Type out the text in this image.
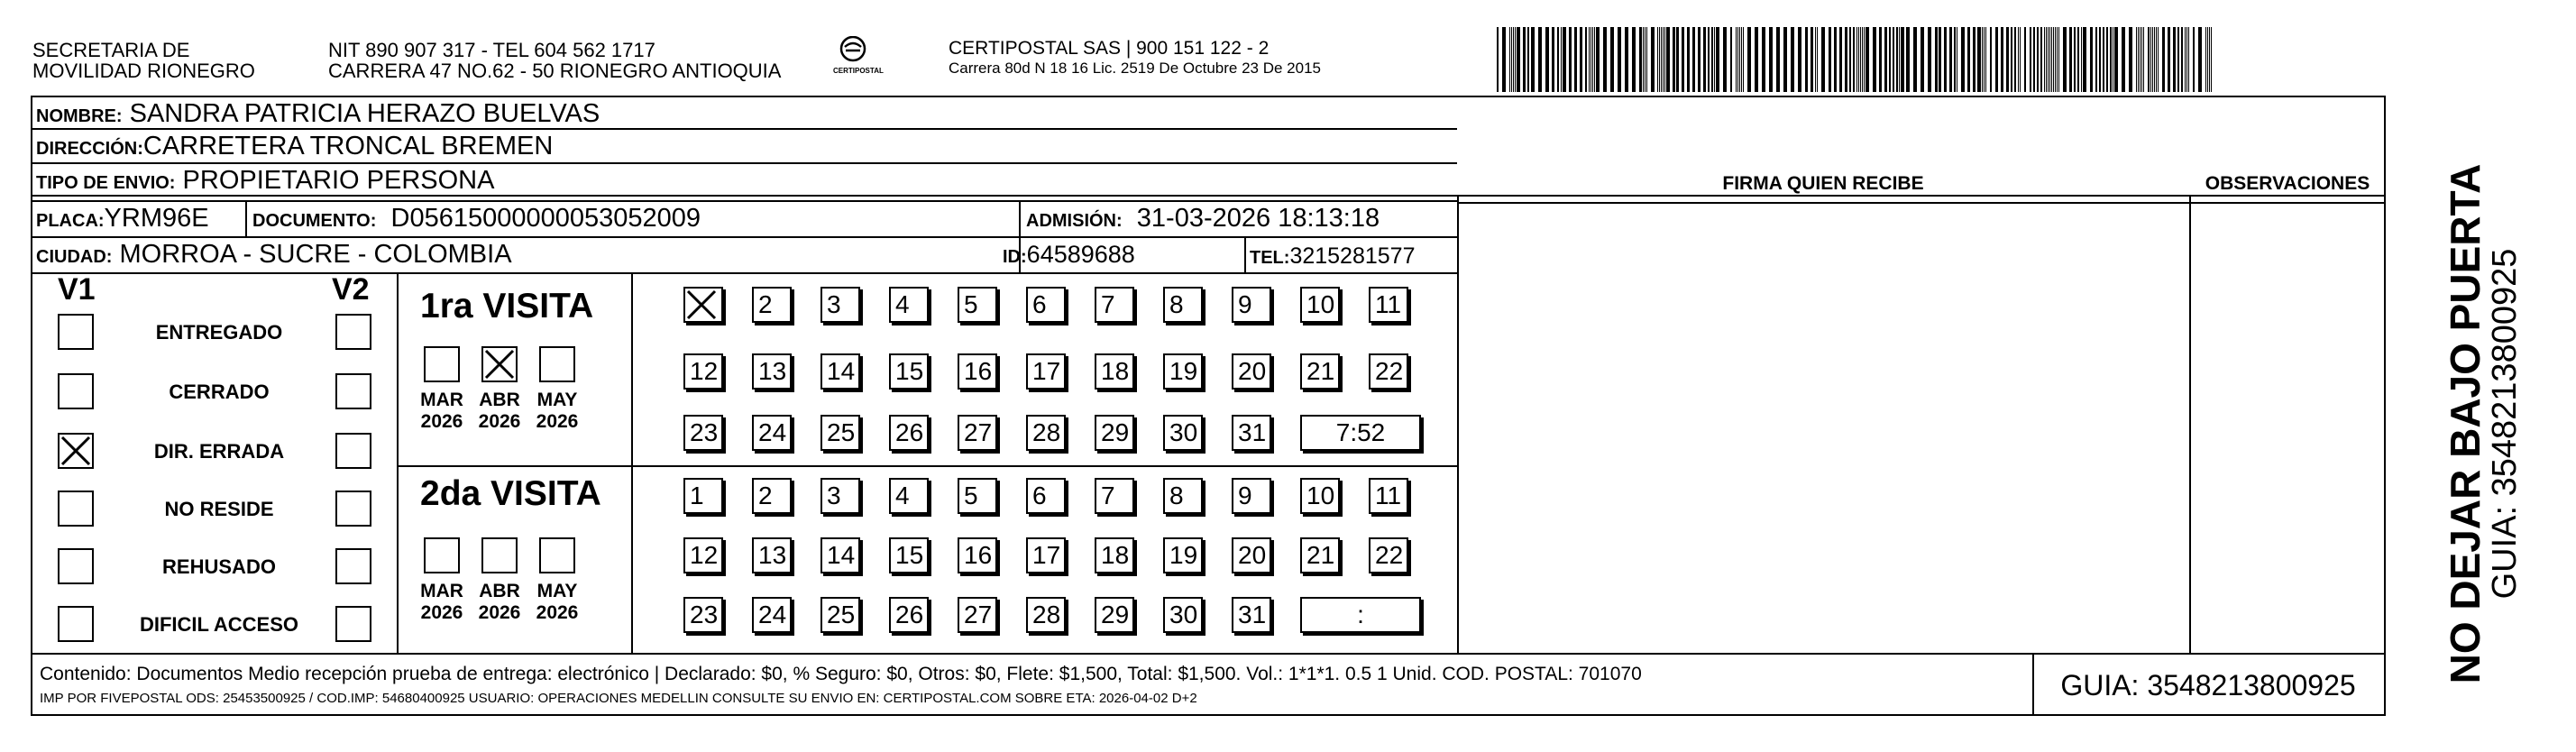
SECRETARIA DE
MOVILIDAD RIONEGRO
NIT 890 907 317 - TEL 604 562 1717
CARRERA 47 NO.62 - 50 RIONEGRO ANTIOQUIA	CERTIPOSTAL
CERTIPOSTAL SAS | 900 151 122 - 2
Carrera 80d N 18 16 Lic. 2519 De Octubre 23 De 2015
NOMBRE: SANDRA PATRICIA HERAZO BUELVAS
DIRECCIÓN:CARRETERA TRONCAL BREMEN
TIPO DE ENVIO: PROPIETARIO PERSONA
PLACA:YRM96E DOCUMENTO: D05615000000053052009	ADMISIÓN: 31-03-2026 18:13:18
CIUDAD: MORROA - SUCRE - COLOMBIA	ID:64589688	TEL:3215281577
FIRMA QUIEN RECIBE	OBSERVACIONES
V1	V2 1ra VISITA
2da VISITA
Contenido: Documentos Medio recepción prueba de entrega: electrónico | Declarado: $0, % Seguro: $0, Otros: $0, Flete: $1,500, Total: $1,500. Vol.: 1*1*1. 0.5 1 Unid. COD. POSTAL: 701070
IMP POR FIVEPOSTAL ODS: 25453500925 / COD.IMP: 54680400925 USUARIO: OPERACIONES MEDELLIN CONSULTE SU ENVIO EN: CERTIPOSTAL.COM SOBRE ETA: 2026-04-02 D+2	GUIA: 3548213800925
NO DEJAR BAJO PUERTA
GUIA: 3548213800925
ENTREGADO
CERRADO
DIR. ERRADA
NO RESIDE
REHUSADO
DIFICIL ACCESO
MAR
2026
ABR
2026
MAY
2026
MAR
2026
ABR
2026
MAY
2026
2	3	4	5	6	7	8	9	10 11
12 13 14 15 16 17 18 19 20 21 22
23 24 25 26 27 28 29 30 31	7:52
1	2	3	4	5	6	7	8	9	10 11
12 13 14 15 16 17 18 19 20 21 22
23 24 25 26 27 28 29 30 31	:
